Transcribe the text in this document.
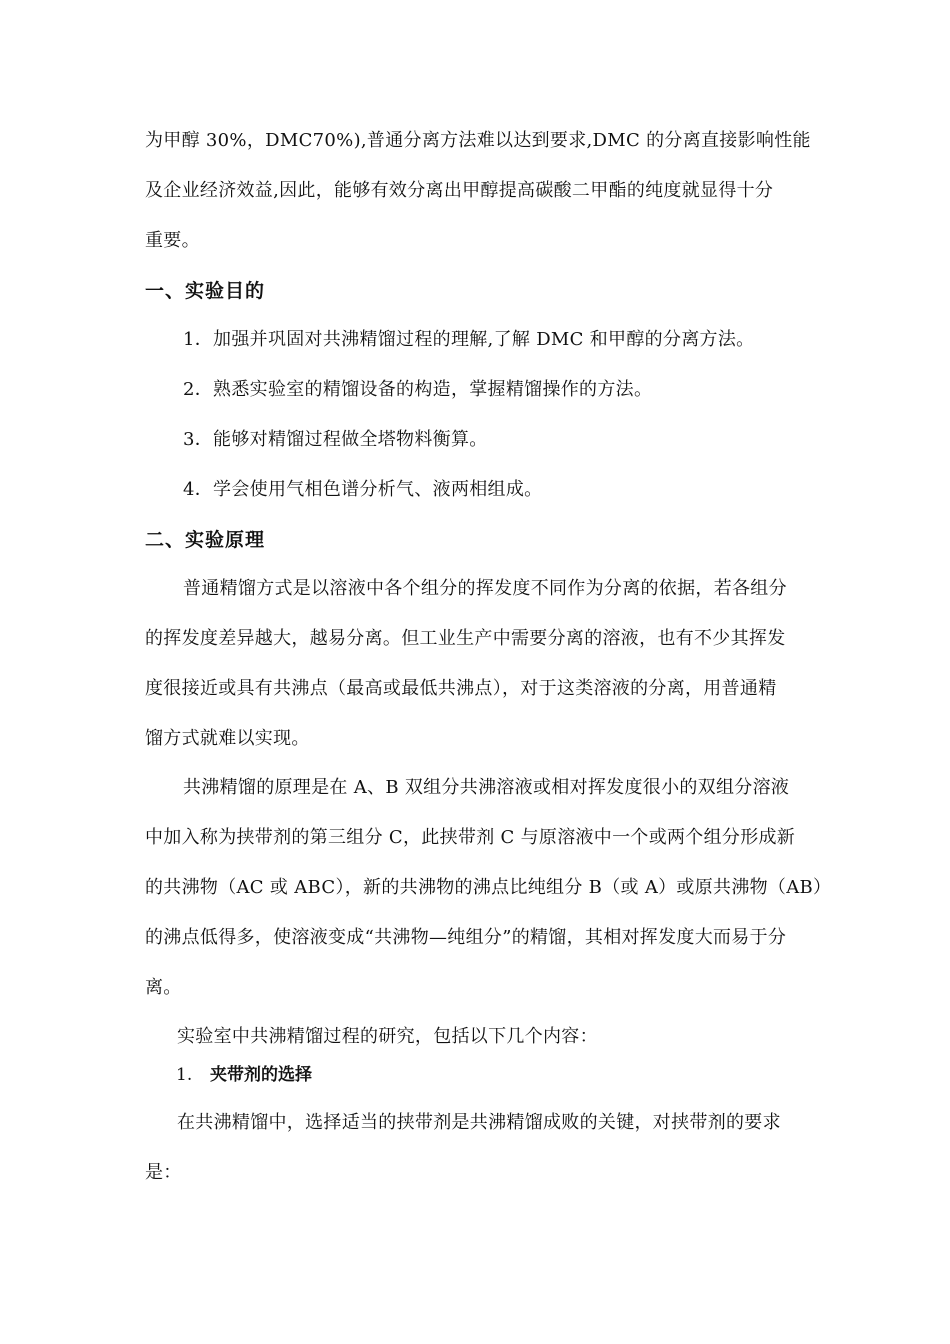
为甲醇 30%，DMC70%),普通分离方法难以达到要求,DMC 的分离直接影响性能
及企业经济效益,因此，能够有效分离出甲醇提高碳酸二甲酯的纯度就显得十分
重要。
一、实验目的
1．加强并巩固对共沸精馏过程的理解,了解 DMC 和甲醇的分离方法。
2．熟悉实验室的精馏设备的构造，掌握精馏操作的方法。
3．能够对精馏过程做全塔物料衡算。
4．学会使用气相色谱分析气、液两相组成。
二、实验原理
普通精馏方式是以溶液中各个组分的挥发度不同作为分离的依据，若各组分
的挥发度差异越大，越易分离。但工业生产中需要分离的溶液，也有不少其挥发
度很接近或具有共沸点（最高或最低共沸点），对于这类溶液的分离，用普通精
馏方式就难以实现。
共沸精馏的原理是在 A、B 双组分共沸溶液或相对挥发度很小的双组分溶液
中加入称为挟带剂的第三组分 C，此挟带剂 C 与原溶液中一个或两个组分形成新
的共沸物（AC 或 ABC），新的共沸物的沸点比纯组分 B（或 A）或原共沸物（AB）
的沸点低得多，使溶液变成“共沸物—纯组分”的精馏，其相对挥发度大而易于分
离。
实验室中共沸精馏过程的研究，包括以下几个内容：
1. 夹带剂的选择
在共沸精馏中，选择适当的挟带剂是共沸精馏成败的关键，对挟带剂的要求
是：
